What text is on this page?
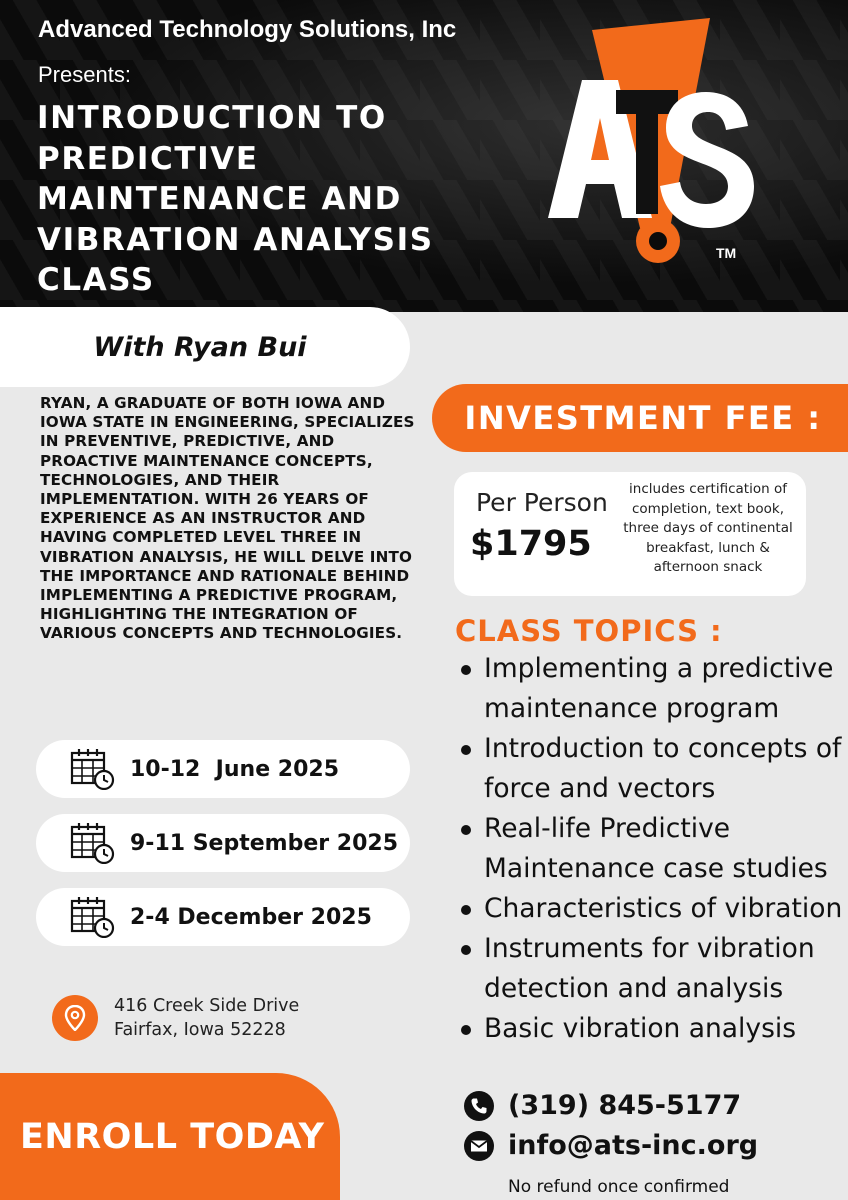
Advanced Technology Solutions, Inc
Presents:
INTRODUCTION TO PREDICTIVE MAINTENANCE AND VIBRATION ANALYSIS CLASS
TM
With Ryan Bui
RYAN, A GRADUATE OF BOTH IOWA AND IOWA STATE IN ENGINEERING, SPECIALIZES IN PREVENTIVE, PREDICTIVE, AND PROACTIVE MAINTENANCE CONCEPTS, TECHNOLOGIES, AND THEIR IMPLEMENTATION. WITH 26 YEARS OF EXPERIENCE AS AN INSTRUCTOR AND HAVING COMPLETED LEVEL THREE IN VIBRATION ANALYSIS, HE WILL DELVE INTO THE IMPORTANCE AND RATIONALE BEHIND IMPLEMENTING A PREDICTIVE PROGRAM, HIGHLIGHTING THE INTEGRATION OF VARIOUS CONCEPTS AND TECHNOLOGIES.
10-12  June 2025
9-11 September 2025
2-4 December 2025
416 Creek Side Drive
Fairfax, Iowa 52228
ENROLL TODAY
INVESTMENT FEE :
Per Person
$1795
includes certification of completion, text book, three days of continental breakfast, lunch & afternoon snack
CLASS TOPICS :
Implementing a predictive maintenance program
Introduction to concepts of force and vectors
Real-life Predictive Maintenance case studies
Characteristics of vibration
Instruments for vibration detection and analysis
Basic vibration analysis
(319) 845-5177
info@ats-inc.org
No refund once confirmed
